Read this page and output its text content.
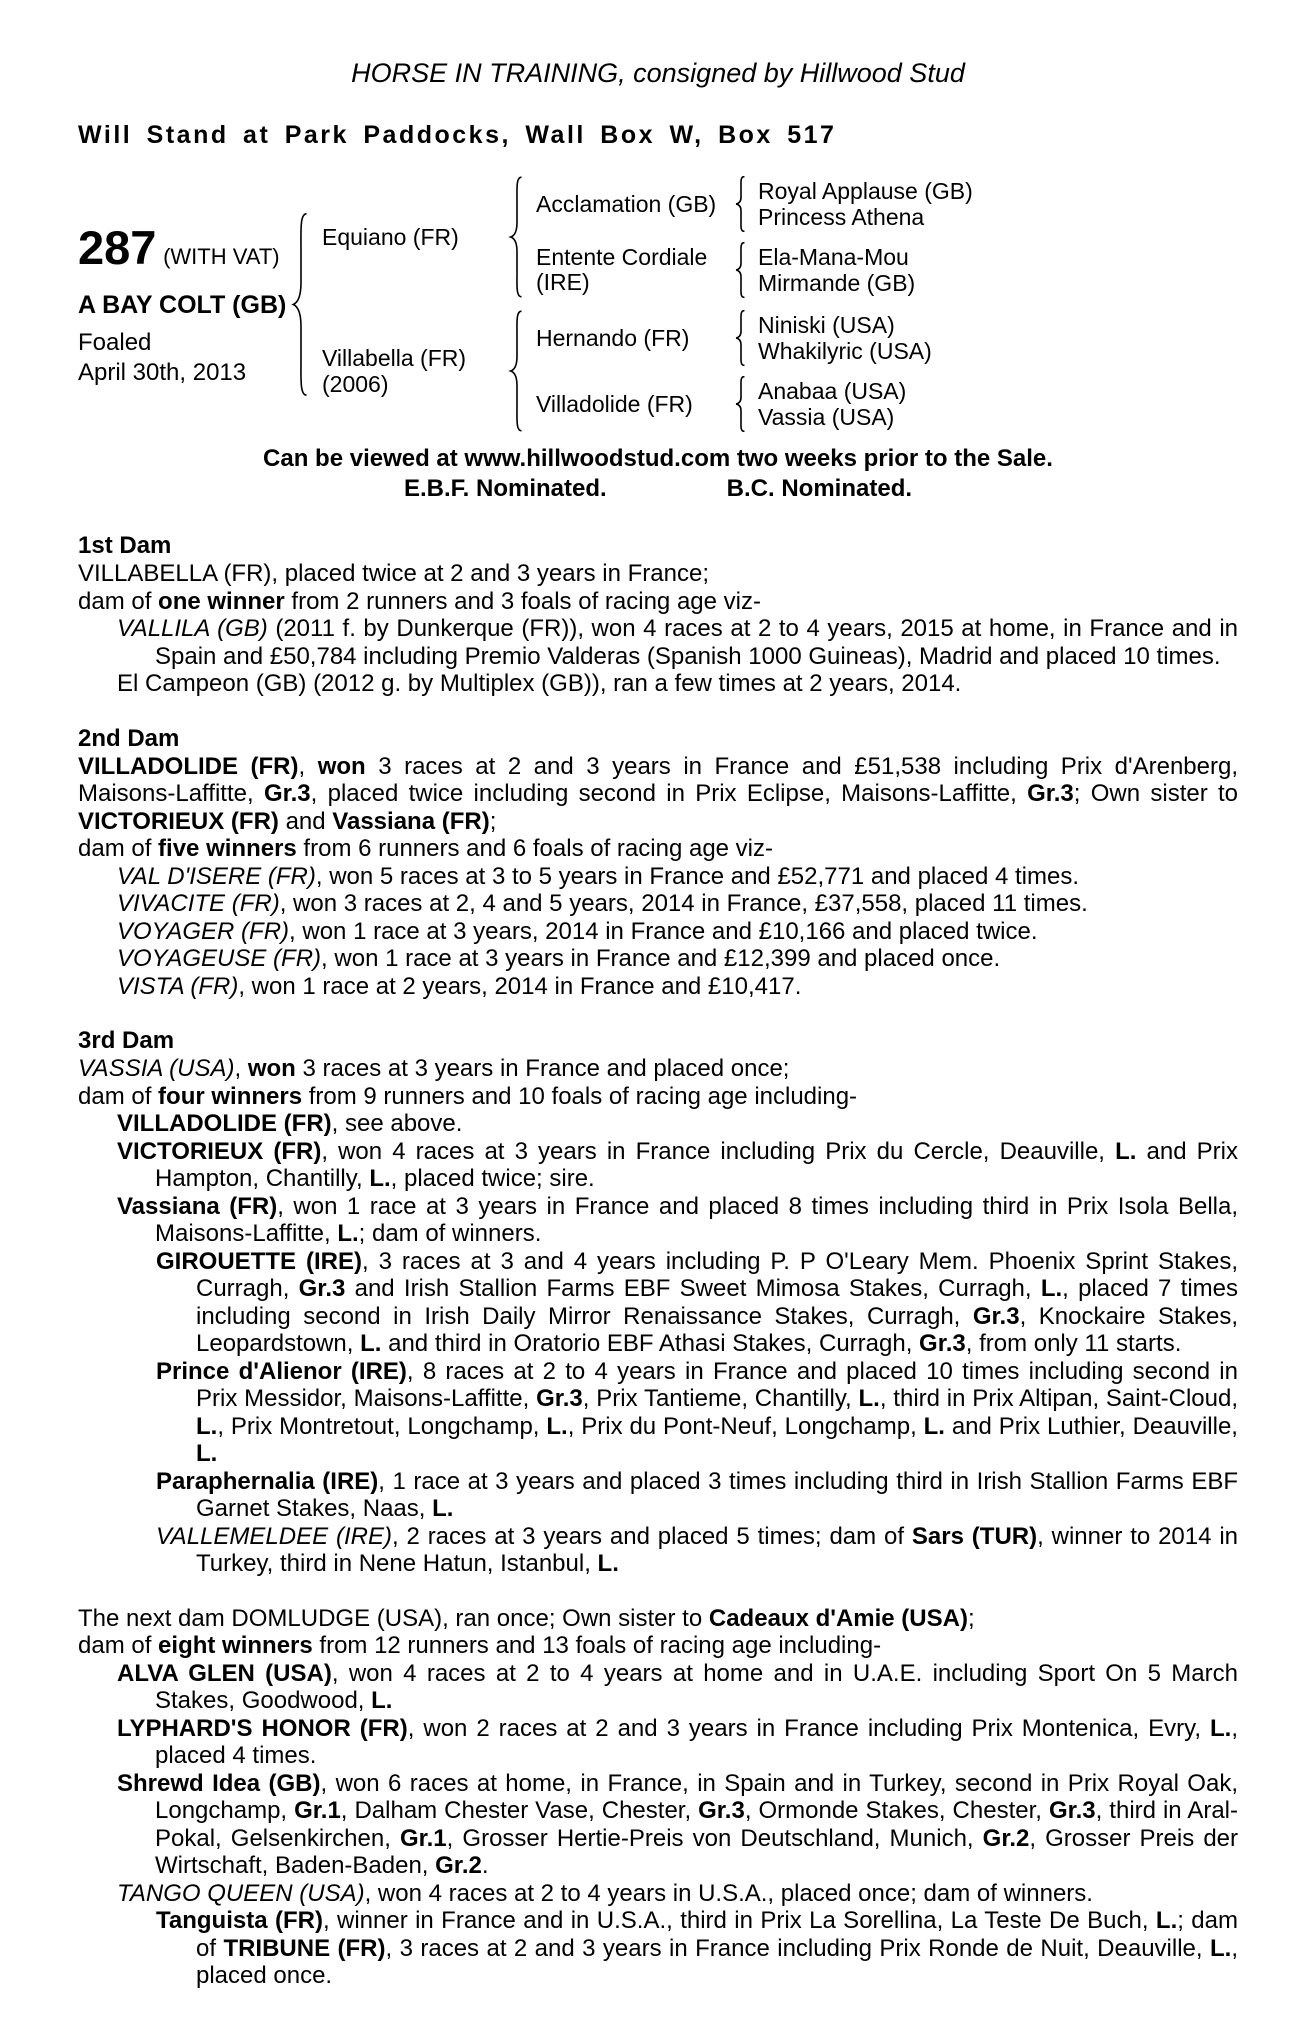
HORSE IN TRAINING, consigned by Hillwood Stud
Will Stand at Park Paddocks, Wall Box W, Box 517
287 (WITH VAT)
A BAY COLT (GB)
Foaled
April 30th, 2013
Equiano (FR)
Acclamation (GB)	Royal Applause (GB)
Princess Athena
Entente Cordiale (IRE)
Ela-Mana-Mou
Mirmande (GB)
Villabella (FR)
(2006)
Hernando (FR)	Niniski (USA)
Whakilyric (USA)
Villadolide (FR)	Anabaa (USA)
Vassia (USA)
Can be viewed at www.hillwoodstud.com two weeks prior to the Sale.
E.B.F. Nominated.	B.C. Nominated.
1st Dam

VILLABELLA (FR), placed twice at 2 and 3 years in France;

dam of one winner from 2 runners and 3 foals of racing age viz-

VALLILA (GB) (2011 f. by Dunkerque (FR)), won 4 races at 2 to 4 years, 2015 at home, in France and in Spain and £50,784 including Premio Valderas (Spanish 1000 Guineas), Madrid and placed 10 times.

El Campeon (GB) (2012 g. by Multiplex (GB)), ran a few times at 2 years, 2014.

2nd Dam

VILLADOLIDE (FR), won 3 races at 2 and 3 years in France and £51,538 including Prix d'Arenberg, Maisons-Laffitte, Gr.3, placed twice including second in Prix Eclipse, Maisons-Laffitte, Gr.3; Own sister to VICTORIEUX (FR) and Vassiana (FR);

dam of five winners from 6 runners and 6 foals of racing age viz-

VAL D'ISERE (FR), won 5 races at 3 to 5 years in France and £52,771 and placed 4 times.

VIVACITE (FR), won 3 races at 2, 4 and 5 years, 2014 in France, £37,558, placed 11 times.

VOYAGER (FR), won 1 race at 3 years, 2014 in France and £10,166 and placed twice.

VOYAGEUSE (FR), won 1 race at 3 years in France and £12,399 and placed once.

VISTA (FR), won 1 race at 2 years, 2014 in France and £10,417.

3rd Dam

VASSIA (USA), won 3 races at 3 years in France and placed once;

dam of four winners from 9 runners and 10 foals of racing age including-

VILLADOLIDE (FR), see above.

VICTORIEUX (FR), won 4 races at 3 years in France including Prix du Cercle, Deauville, L. and Prix Hampton, Chantilly, L., placed twice; sire.

Vassiana (FR), won 1 race at 3 years in France and placed 8 times including third in Prix Isola Bella, Maisons-Laffitte, L.; dam of winners.

GIROUETTE (IRE), 3 races at 3 and 4 years including P. P O'Leary Mem. Phoenix Sprint Stakes, Curragh, Gr.3 and Irish Stallion Farms EBF Sweet Mimosa Stakes, Curragh, L., placed 7 times including second in Irish Daily Mirror Renaissance Stakes, Curragh, Gr.3, Knockaire Stakes, Leopardstown, L. and third in Oratorio EBF Athasi Stakes, Curragh, Gr.3, from only 11 starts.

Prince d'Alienor (IRE), 8 races at 2 to 4 years in France and placed 10 times including second in Prix Messidor, Maisons-Laffitte, Gr.3, Prix Tantieme, Chantilly, L., third in Prix Altipan, Saint-Cloud, L., Prix Montretout, Longchamp, L., Prix du Pont-Neuf, Longchamp, L. and Prix Luthier, Deauville, L.

Paraphernalia (IRE), 1 race at 3 years and placed 3 times including third in Irish Stallion Farms EBF Garnet Stakes, Naas, L.

VALLEMELDEE (IRE), 2 races at 3 years and placed 5 times; dam of Sars (TUR), winner to 2014 in Turkey, third in Nene Hatun, Istanbul, L.

The next dam DOMLUDGE (USA), ran once; Own sister to Cadeaux d'Amie (USA);

dam of eight winners from 12 runners and 13 foals of racing age including-

ALVA GLEN (USA), won 4 races at 2 to 4 years at home and in U.A.E. including Sport On 5 March Stakes, Goodwood, L.

LYPHARD'S HONOR (FR), won 2 races at 2 and 3 years in France including Prix Montenica, Evry, L., placed 4 times.

Shrewd Idea (GB), won 6 races at home, in France, in Spain and in Turkey, second in Prix Royal Oak, Longchamp, Gr.1, Dalham Chester Vase, Chester, Gr.3, Ormonde Stakes, Chester, Gr.3, third in Aral-Pokal, Gelsenkirchen, Gr.1, Grosser Hertie-Preis von Deutschland, Munich, Gr.2, Grosser Preis der Wirtschaft, Baden-Baden, Gr.2.

TANGO QUEEN (USA), won 4 races at 2 to 4 years in U.S.A., placed once; dam of winners.

Tanguista (FR), winner in France and in U.S.A., third in Prix La Sorellina, La Teste De Buch, L.; dam of TRIBUNE (FR), 3 races at 2 and 3 years in France including Prix Ronde de Nuit, Deauville, L., placed once.
